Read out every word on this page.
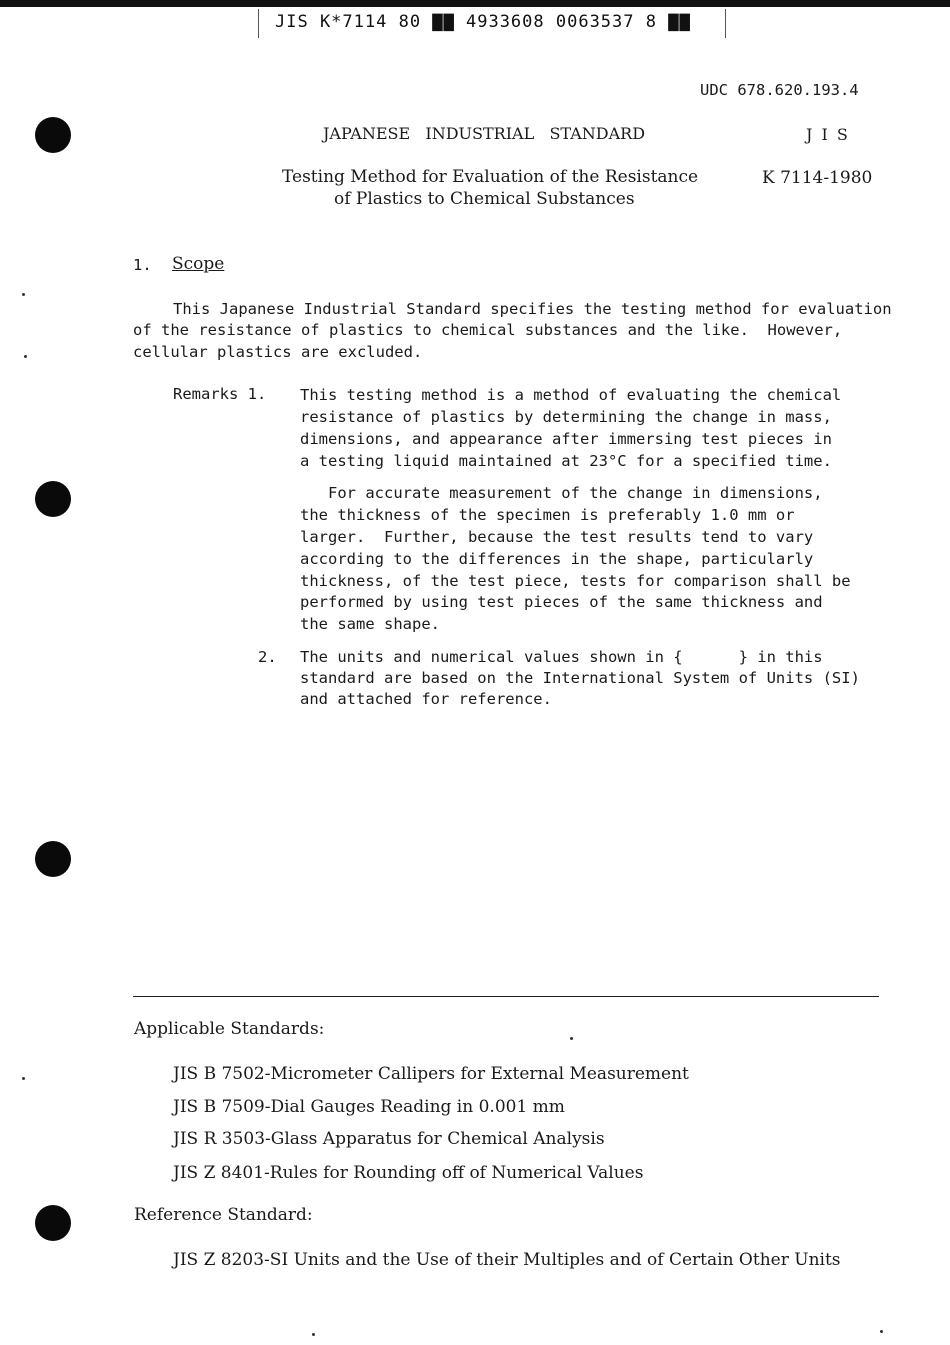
JIS K*7114 80 ▇▇ 4933608 0063537 8 ▇▇
UDC 678.620.193.4
JAPANESE   INDUSTRIAL   STANDARD	J I S
Testing Method for Evaluation of the Resistance
of Plastics to Chemical Substances
K 7114-1980
1. Scope
This Japanese Industrial Standard specifies the testing method for evaluation
of the resistance of plastics to chemical substances and the like.  However,
cellular plastics are excluded.
Remarks 1. This testing method is a method of evaluating the chemical
resistance of plastics by determining the change in mass,
dimensions, and appearance after immersing test pieces in
a testing liquid maintained at 23°C for a specified time.
For accurate measurement of the change in dimensions,
the thickness of the specimen is preferably 1.0 mm or
larger.  Further, because the test results tend to vary
according to the differences in the shape, particularly
thickness, of the test piece, tests for comparison shall be
performed by using test pieces of the same thickness and
the same shape.
2. The units and numerical values shown in {      } in this
standard are based on the International System of Units (SI)
and attached for reference.
Applicable Standards:
JIS B 7502-Micrometer Callipers for External Measurement
JIS B 7509-Dial Gauges Reading in 0.001 mm
JIS R 3503-Glass Apparatus for Chemical Analysis
JIS Z 8401-Rules for Rounding off of Numerical Values
Reference Standard:
JIS Z 8203-SI Units and the Use of their Multiples and of Certain Other Units
